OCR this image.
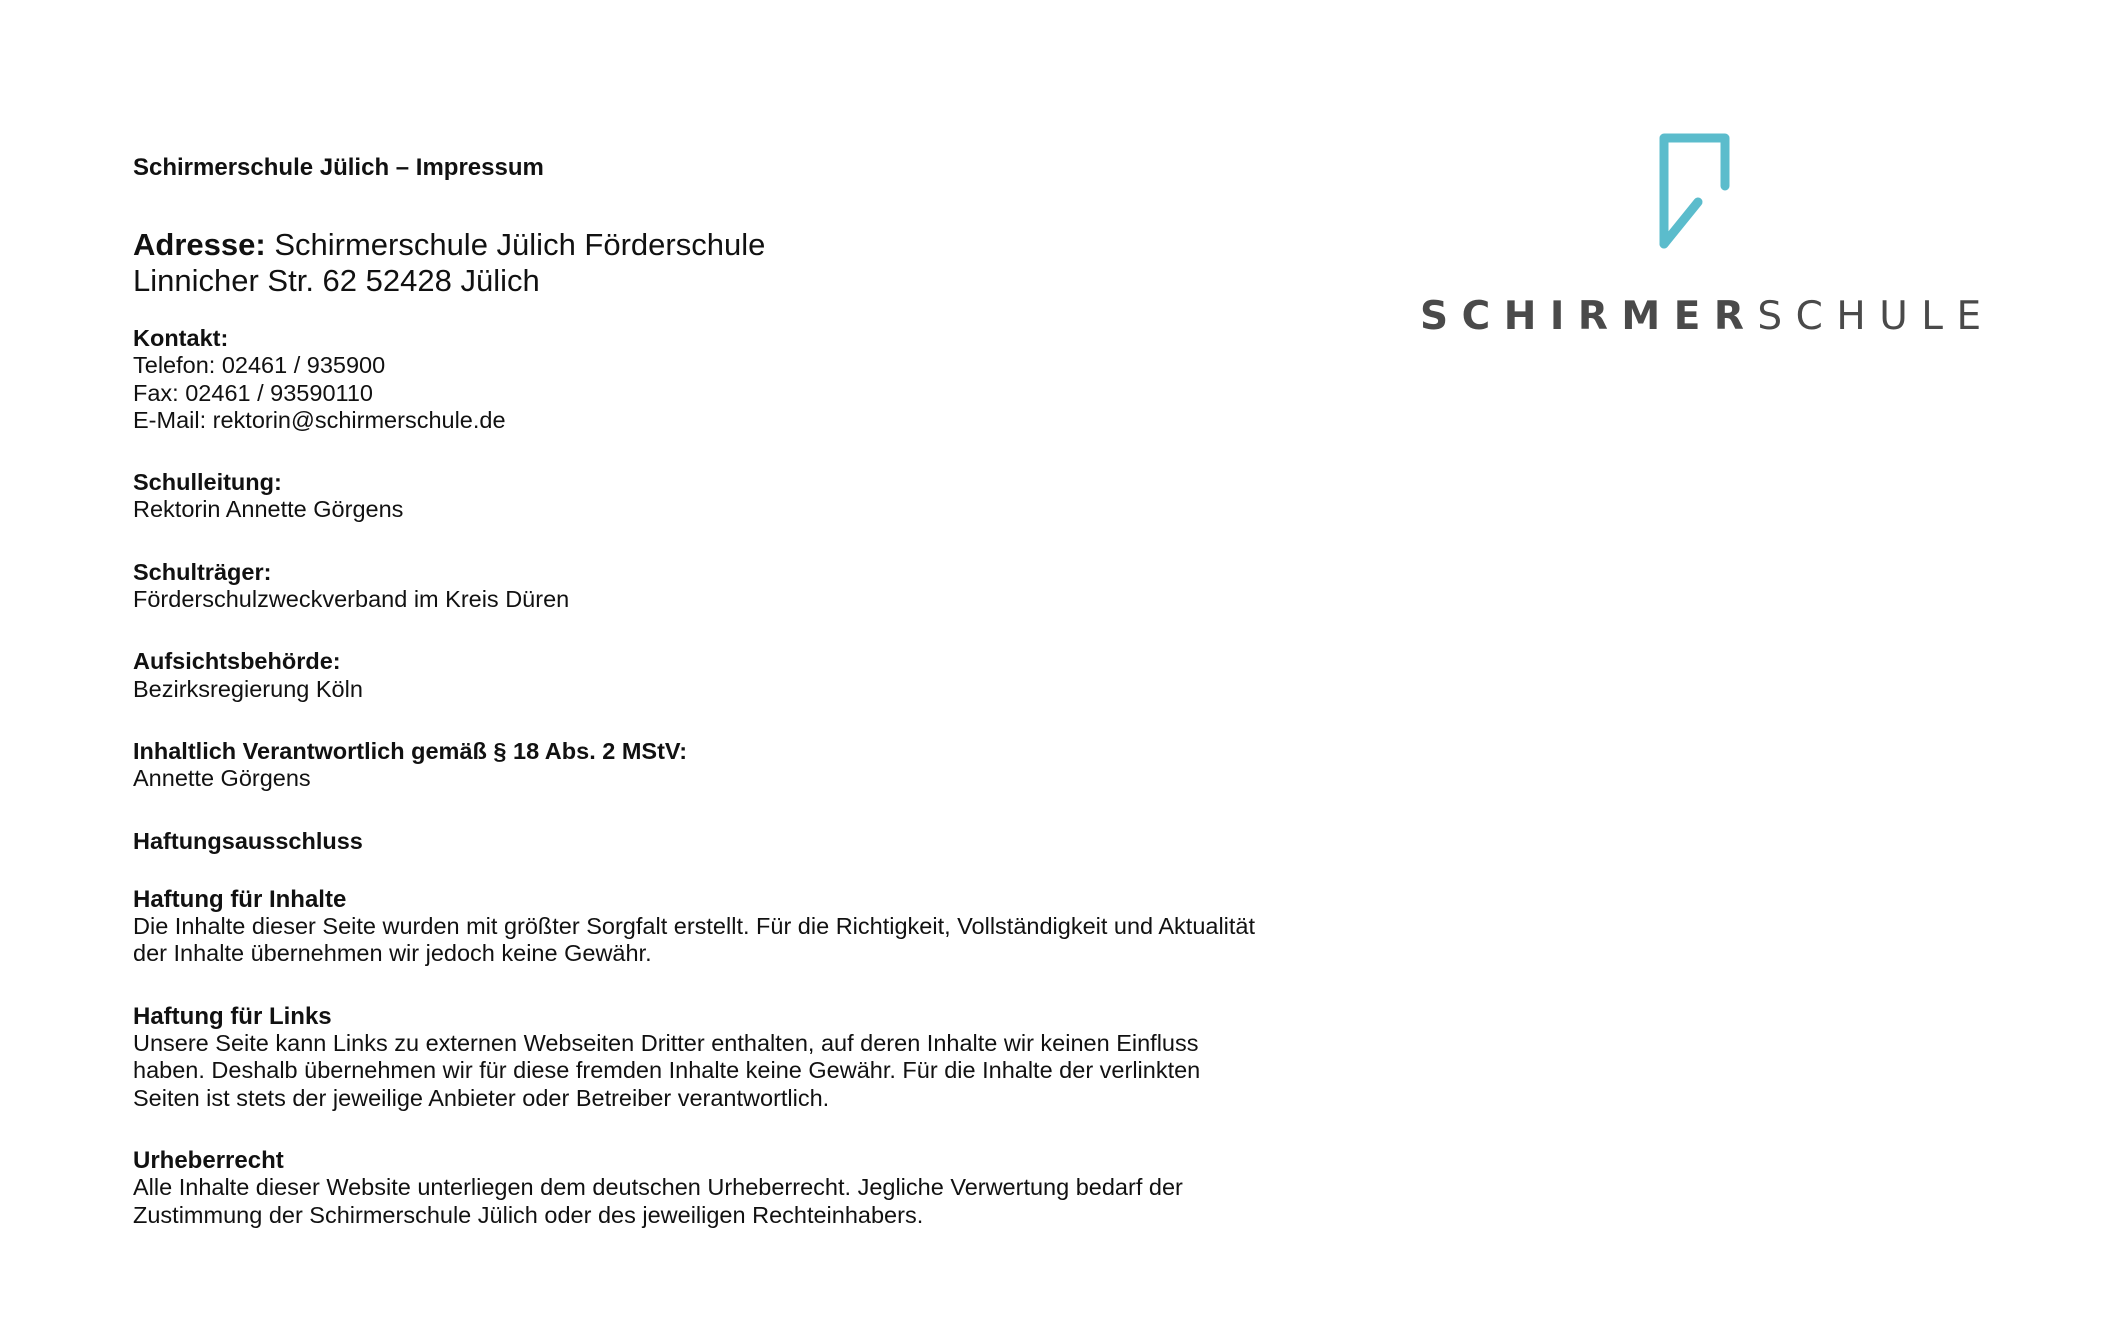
Schirmerschule Jülich – Impressum
Adresse: Schirmerschule Jülich Förderschule
Linnicher Str. 62 52428 Jülich
Kontakt:
Telefon: 02461 / 935900
Fax: 02461 / 93590110
E-Mail: rektorin@schirmerschule.de
Schulleitung:
Rektorin Annette Görgens
Schulträger:
Förderschulzweckverband im Kreis Düren
Aufsichtsbehörde:
Bezirksregierung Köln
Inhaltlich Verantwortlich gemäß § 18 Abs. 2 MStV:
Annette Görgens
Haftungsausschluss
Haftung für Inhalte
Die Inhalte dieser Seite wurden mit größter Sorgfalt erstellt. Für die Richtigkeit, Vollständigkeit und Aktualität
der Inhalte übernehmen wir jedoch keine Gewähr.
Haftung für Links
Unsere Seite kann Links zu externen Webseiten Dritter enthalten, auf deren Inhalte wir keinen Einfluss
haben. Deshalb übernehmen wir für diese fremden Inhalte keine Gewähr. Für die Inhalte der verlinkten
Seiten ist stets der jeweilige Anbieter oder Betreiber verantwortlich.
Urheberrecht
Alle Inhalte dieser Website unterliegen dem deutschen Urheberrecht. Jegliche Verwertung bedarf der
Zustimmung der Schirmerschule Jülich oder des jeweiligen Rechteinhabers.
SCHIRMERSCHULE
